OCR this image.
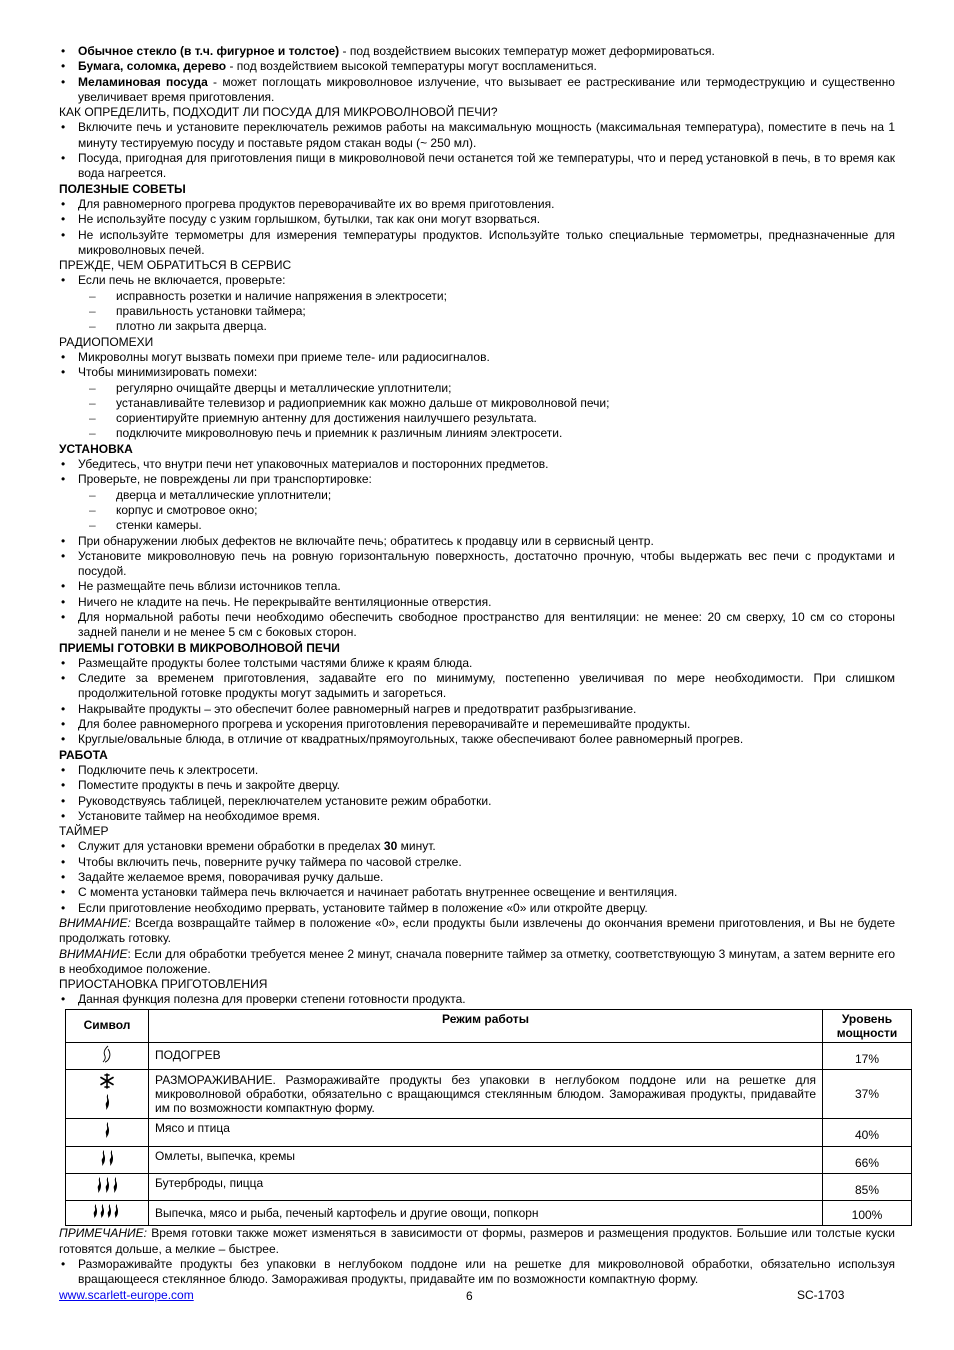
• Обычное стекло (в т.ч. фигурное и толстое) - под воздействием высоких температур может деформироваться.
• Бумага, соломка, дерево - под воздействием высокой температуры могут воспламениться.
• Меламиновая посуда - может поглощать микроволновое излучение, что вызывает ее растрескивание или термодеструкцию и существенно увеличивает время приготовления.
КАК ОПРЕДЕЛИТЬ, ПОДХОДИТ ЛИ ПОСУДА ДЛЯ МИКРОВОЛНОВОЙ ПЕЧИ?
• Включите печь и установите переключатель режимов работы на максимальную мощность (максимальная температура), поместите в печь на 1 минуту тестируемую посуду и поставьте рядом стакан воды (~ 250 мл).
• Посуда, пригодная для приготовления пищи в микроволновой печи останется той же температуры, что и перед установкой в печь, в то время как вода нагреется.
ПОЛЕЗНЫЕ СОВЕТЫ
• Для равномерного прогрева продуктов переворачивайте их во время приготовления.
• Не используйте посуду с узким горлышком, бутылки, так как они могут взорваться.
• Не используйте термометры для измерения температуры продуктов. Используйте только специальные термометры, предназначенные для микроволновых печей.
ПРЕЖДЕ, ЧЕМ ОБРАТИТЬСЯ В СЕРВИС
• Если печь не включается, проверьте:
– исправность розетки и наличие напряжения в электросети;
– правильность установки таймера;
– плотно ли закрыта дверца.
РАДИОПОМЕХИ
• Микроволны могут вызвать помехи при приеме теле- или радиосигналов.
• Чтобы минимизировать помехи:
– регулярно очищайте дверцы и металлические уплотнители;
– устанавливайте телевизор и радиоприемник как можно дальше от микроволновой печи;
– сориентируйте приемную антенну для достижения наилучшего результата.
– подключите микроволновую печь и приемник к различным линиям электросети.
УСТАНОВКА
• Убедитесь, что внутри печи нет упаковочных материалов и посторонних предметов.
• Проверьте, не повреждены ли при транспортировке:
– дверца и металлические уплотнители;
– корпус и смотровое окно;
– стенки камеры.
• При обнаружении любых дефектов не включайте печь; обратитесь к продавцу или в сервисный центр.
• Установите микроволновую печь на ровную горизонтальную поверхность, достаточно прочную, чтобы выдержать вес печи с продуктами и посудой.
• Не размещайте печь вблизи источников тепла.
• Ничего не кладите на печь. Не перекрывайте вентиляционные отверстия.
• Для нормальной работы печи необходимо обеспечить свободное пространство для вентиляции: не менее: 20 см сверху, 10 см со стороны задней панели и не менее 5 см с боковых сторон.
ПРИЕМЫ ГОТОВКИ В МИКРОВОЛНОВОЙ ПЕЧИ
• Размещайте продукты более толстыми частями ближе к краям блюда.
• Следите за временем приготовления, задавайте его по минимуму, постепенно увеличивая по мере необходимости. При слишком продолжительной готовке продукты могут задымить и загореться.
• Накрывайте продукты – это обеспечит более равномерный нагрев и предотвратит разбрызгивание.
• Для более равномерного прогрева и ускорения приготовления переворачивайте и перемешивайте продукты.
• Круглые/овальные блюда, в отличие от квадратных/прямоугольных, также обеспечивают более равномерный прогрев.
РАБОТА
• Подключите печь к электросети.
• Поместите продукты в печь и закройте дверцу.
• Руководствуясь таблицей, переключателем установите режим обработки.
• Установите таймер на необходимое время.
ТАЙМЕР
• Служит для установки времени обработки в пределах 30 минут.
• Чтобы включить печь, поверните ручку таймера по часовой стрелке.
• Задайте желаемое время, поворачивая ручку дальше.
• С момента установки таймера печь включается и начинает работать внутреннее освещение и вентиляция.
• Если приготовление необходимо прервать, установите таймер в положение «0» или откройте дверцу.

ВНИМАНИЕ: Всегда возвращайте таймер в положение «0», если продукты были извлечены до окончания времени приготовления, и Вы не будете продолжать готовку.

ВНИМАНИЕ: Если для обработки требуется менее 2 минут, сначала поверните таймер за отметку, соответствующую 3 минутам, а затем верните его в необходимое положение.

ПРИОСТАНОВКА ПРИГОТОВЛЕНИЯ
• Данная функция полезна для проверки степени готовности продукта.
Символ	Режим работы	Уровень мощности
	ПОДОГРЕВ	17%
	РАЗМОРАЖИВАНИЕ. Размораживайте продукты без упаковки в неглубоком поддоне или на решетке для микроволновой обработки, обязательно с вращающимся стеклянным блюдом. Замораживая продукты, придавайте им по возможности компактную форму.	37%
	Мясо и птица	40%
	Омлеты, выпечка, кремы	66%
	Бутерброды, пицца	85%
	Выпечка, мясо и рыба, печеный картофель и другие овощи, попкорн	100%

ПРИМЕЧАНИЕ: Время готовки также может изменяться в зависимости от формы, размеров и размещения продуктов. Большие или толстые куски готовятся дольше, а мелкие – быстрее.

• Размораживайте продукты без упаковки в неглубоком поддоне или на решетке для микроволновой обработки, обязательно используя вращающееся стеклянное блюдо. Замораживая продукты, придавайте им по возможности компактную форму.
www.scarlett-europe.com	6	SC-1703
